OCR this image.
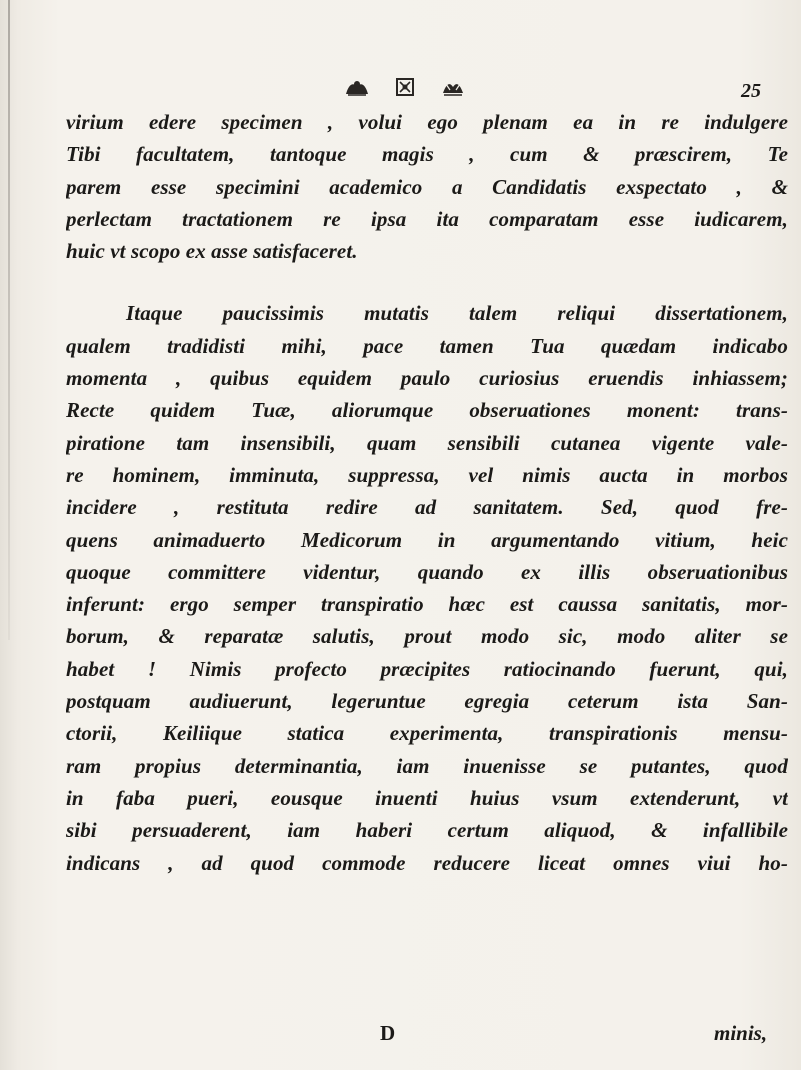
25
virium edere specimen , volui ego plenam ea in re indulgere
Tibi facultatem, tantoque magis , cum & præscirem, Te
parem esse specimini academico a Candidatis exspectato , &
perlectam tractationem re ipsa ita comparatam esse iudicarem,
huic vt scopo ex asse satisfaceret.
Itaque paucissimis mutatis talem reliqui dissertationem,
qualem tradidisti mihi, pace tamen Tua quædam indicabo
momenta , quibus equidem paulo curiosius eruendis inhiassem;
Recte quidem Tuæ, aliorumque obseruationes monent: trans-
piratione tam insensibili, quam sensibili cutanea vigente vale-
re hominem, imminuta, suppressa, vel nimis aucta in morbos
incidere , restituta redire ad sanitatem. Sed, quod fre-
quens animaduerto Medicorum in argumentando vitium, heic
quoque committere videntur, quando ex illis obseruationibus
inferunt: ergo semper transpiratio hæc est caussa sanitatis, mor-
borum, & reparatæ salutis, prout modo sic, modo aliter se
habet ! Nimis profecto præcipites ratiocinando fuerunt, qui,
postquam audiuerunt, legeruntue egregia ceterum ista San-
ctorii, Keiliique statica experimenta, transpirationis mensu-
ram propius determinantia, iam inuenisse se putantes, quod
in faba pueri, eousque inuenti huius vsum extenderunt, vt
sibi persuaderent, iam haberi certum aliquod, & infallibile
indicans , ad quod commode reducere liceat omnes viui ho-
D	minis,
